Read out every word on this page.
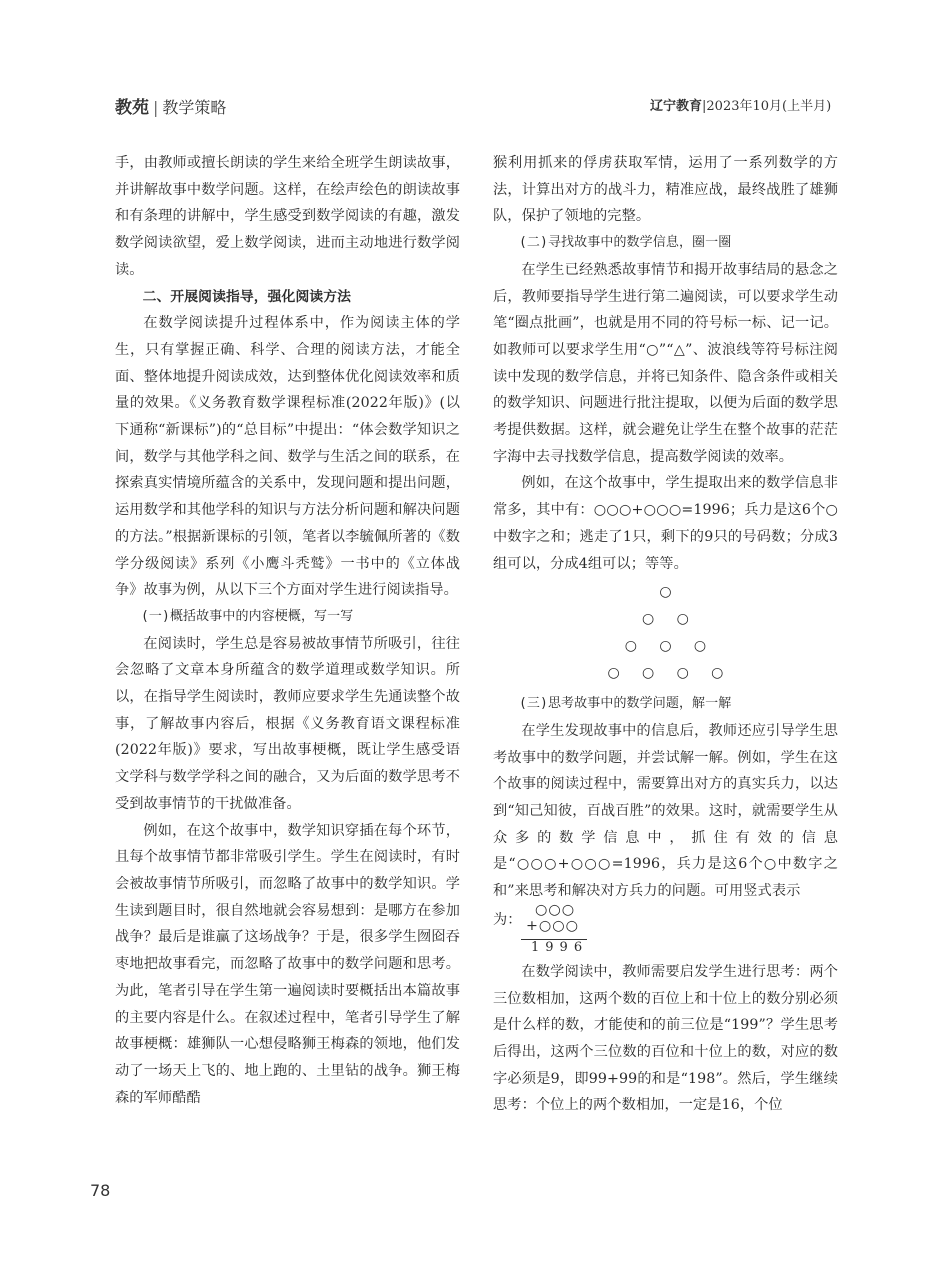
教苑 | 教学策略	辽宁教育|2023年10月(上半月)

手，由教师或擅长朗读的学生来给全班学生朗读故事，并讲解故事中数学问题。这样，在绘声绘色的朗读故事和有条理的讲解中，学生感受到数学阅读的有趣，激发数学阅读欲望，爱上数学阅读，进而主动地进行数学阅读。

二、开展阅读指导，强化阅读方法

在数学阅读提升过程体系中，作为阅读主体的学生，只有掌握正确、科学、合理的阅读方法，才能全面、整体地提升阅读成效，达到整体优化阅读效率和质量的效果。《义务教育数学课程标准(2022年版)》(以下通称“新课标”)的“总目标”中提出：“体会数学知识之间，数学与其他学科之间、数学与生活之间的联系，在探索真实情境所蕴含的关系中，发现问题和提出问题，运用数学和其他学科的知识与方法分析问题和解决问题的方法。”根据新课标的引领，笔者以李毓佩所著的《数学分级阅读》系列《小鹰斗秃鹫》一书中的《立体战争》故事为例，从以下三个方面对学生进行阅读指导。

(一)概括故事中的内容梗概，写一写

在阅读时，学生总是容易被故事情节所吸引，往往会忽略了文章本身所蕴含的数学道理或数学知识。所以，在指导学生阅读时，教师应要求学生先通读整个故事，了解故事内容后，根据《义务教育语文课程标准(2022年版)》要求，写出故事梗概，既让学生感受语文学科与数学学科之间的融合，又为后面的数学思考不受到故事情节的干扰做准备。

例如，在这个故事中，数学知识穿插在每个环节，且每个故事情节都非常吸引学生。学生在阅读时，有时会被故事情节所吸引，而忽略了故事中的数学知识。学生读到题目时，很自然地就会容易想到：是哪方在参加战争？最后是谁赢了这场战争？于是，很多学生囫囵吞枣地把故事看完，而忽略了故事中的数学问题和思考。为此，笔者引导在学生第一遍阅读时要概括出本篇故事的主要内容是什么。在叙述过程中，笔者引导学生了解故事梗概：雄狮队一心想侵略狮王梅森的领地，他们发动了一场天上飞的、地上跑的、土里钻的战争。狮王梅森的军师酷酷

猴利用抓来的俘虏获取军情，运用了一系列数学的方法，计算出对方的战斗力，精准应战，最终战胜了雄狮队，保护了领地的完整。

(二)寻找故事中的数学信息，圈一圈

在学生已经熟悉故事情节和揭开故事结局的悬念之后，教师要指导学生进行第二遍阅读，可以要求学生动笔“圈点批画”，也就是用不同的符号标一标、记一记。如教师可以要求学生用“○”“△”、波浪线等符号标注阅读中发现的数学信息，并将已知条件、隐含条件或相关的数学知识、问题进行批注提取，以便为后面的数学思考提供数据。这样，就会避免让学生在整个故事的茫茫字海中去寻找数学信息，提高数学阅读的效率。

例如，在这个故事中，学生提取出来的数学信息非常多，其中有：○○○+○○○=1996；兵力是这6个○中数字之和；逃走了1只，剩下的9只的号码数；分成3组可以，分成4组可以；等等。

○
○ ○
○ ○ ○
○ ○ ○ ○
(三)思考故事中的数学问题，解一解

在学生发现故事中的信息后，教师还应引导学生思考故事中的数学问题，并尝试解一解。例如，学生在这个故事的阅读过程中，需要算出对方的真实兵力，以达到“知己知彼，百战百胜”的效果。这时，就需要学生从众多的数学信息中，抓住有效的信息是“○○○+○○○=1996，兵力是这6个○中数字之和”来思考和解决对方兵力的问题。可用竖式表示

为：
○○○
+○○○
1996

在数学阅读中，教师需要启发学生进行思考：两个三位数相加，这两个数的百位上和十位上的数分别必须是什么样的数，才能使和的前三位是“199”？学生思考后得出，这两个三位数的百位和十位上的数，对应的数字必须是9，即99+99的和是“198”。然后，学生继续思考：个位上的两个数相加，一定是16，个位

78
